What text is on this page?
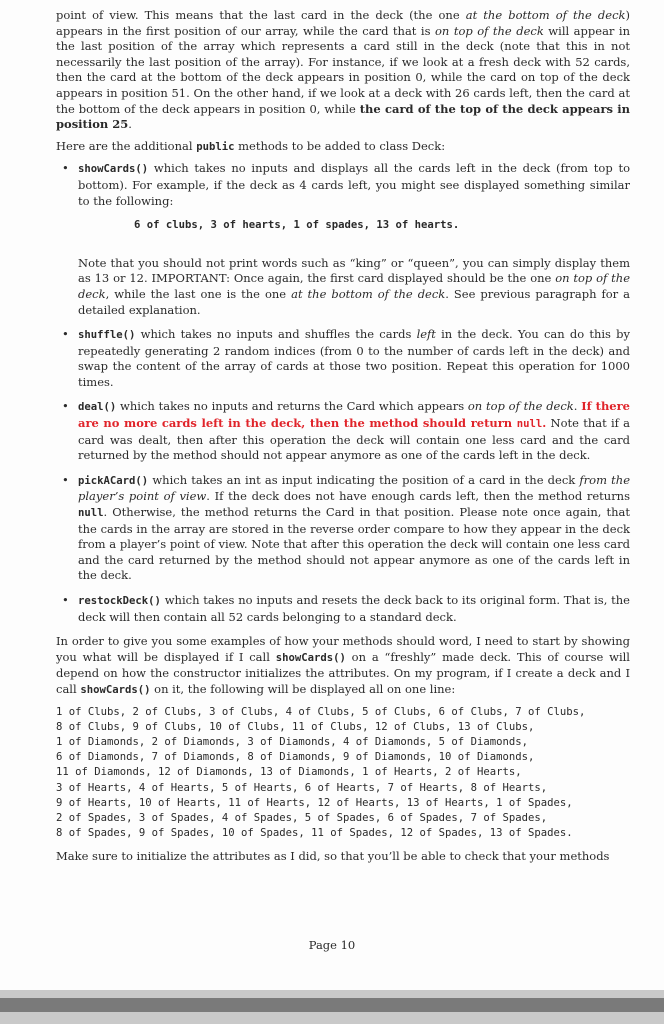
point of view. This means that the last card in the deck (the one at the bottom of the deck) appears in the first position of our array, while the card that is on top of the deck will appear in the last position of the array which represents a card still in the deck (note that this in not necessarily the last position of the array). For instance, if we look at a fresh deck with 52 cards, then the card at the bottom of the deck appears in position 0, while the card on top of the deck appears in position 51. On the other hand, if we look at a deck with 26 cards left, then the card at the bottom of the deck appears in position 0, while the card of the top of the deck appears in position 25.

Here are the additional public methods to be added to class Deck:

• showCards() which takes no inputs and displays all the cards left in the deck (from top to bottom). For example, if the deck as 4 cards left, you might see displayed something similar to the following:
6 of clubs, 3 of hearts, 1 of spades, 13 of hearts.
Note that you should not print words such as “king” or “queen”, you can simply display them as 13 or 12. IMPORTANT: Once again, the first card displayed should be the one on top of the deck, while the last one is the one at the bottom of the deck. See previous paragraph for a detailed explanation.
• shuffle() which takes no inputs and shuffles the cards left in the deck. You can do this by repeatedly generating 2 random indices (from 0 to the number of cards left in the deck) and swap the content of the array of cards at those two position. Repeat this operation for 1000 times.
• deal() which takes no inputs and returns the Card which appears on top of the deck. If there are no more cards left in the deck, then the method should return null. Note that if a card was dealt, then after this operation the deck will contain one less card and the card returned by the method should not appear anymore as one of the cards left in the deck.
• pickACard() which takes an int as input indicating the position of a card in the deck from the player’s point of view. If the deck does not have enough cards left, then the method returns null. Otherwise, the method returns the Card in that position. Please note once again, that the cards in the array are stored in the reverse order compare to how they appear in the deck from a player’s point of view. Note that after this operation the deck will contain one less card and the card returned by the method should not appear anymore as one of the cards left in the deck.
• restockDeck() which takes no inputs and resets the deck back to its original form. That is, the deck will then contain all 52 cards belonging to a standard deck.

In order to give you some examples of how your methods should word, I need to start by showing you what will be displayed if I call showCards() on a “freshly” made deck. This of course will depend on how the constructor initializes the attributes. On my program, if I create a deck and I call showCards() on it, the following will be displayed all on one line:

1 of Clubs, 2 of Clubs, 3 of Clubs, 4 of Clubs, 5 of Clubs, 6 of Clubs, 7 of Clubs,
8 of Clubs, 9 of Clubs, 10 of Clubs, 11 of Clubs, 12 of Clubs, 13 of Clubs,
1 of Diamonds, 2 of Diamonds, 3 of Diamonds, 4 of Diamonds, 5 of Diamonds,
6 of Diamonds, 7 of Diamonds, 8 of Diamonds, 9 of Diamonds, 10 of Diamonds,
11 of Diamonds, 12 of Diamonds, 13 of Diamonds, 1 of Hearts, 2 of Hearts,
3 of Hearts, 4 of Hearts, 5 of Hearts, 6 of Hearts, 7 of Hearts, 8 of Hearts,
9 of Hearts, 10 of Hearts, 11 of Hearts, 12 of Hearts, 13 of Hearts, 1 of Spades,
2 of Spades, 3 of Spades, 4 of Spades, 5 of Spades, 6 of Spades, 7 of Spades,
8 of Spades, 9 of Spades, 10 of Spades, 11 of Spades, 12 of Spades, 13 of Spades.

Make sure to initialize the attributes as I did, so that you’ll be able to check that your methods

Page 10
